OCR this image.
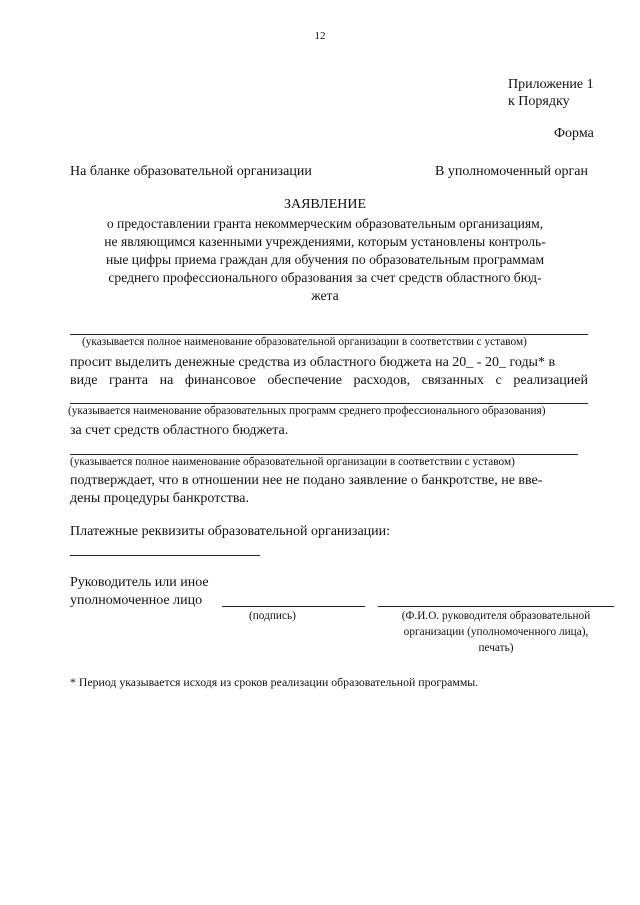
12
Приложение 1
к Порядку
Форма
На бланке образовательной организации	В уполномоченный орган
ЗАЯВЛЕНИЕ
о предоставлении гранта некоммерческим образовательным организациям,
не являющимся казенными учреждениями, которым установлены контроль-
ные цифры приема граждан для обучения по образовательным программам
среднего профессионального образования за счет средств областного бюд-
жета
(указывается полное наименование образовательной организации в соответствии с уставом)
просит выделить денежные средства из областного бюджета на 20_ - 20_ годы* в
виде гранта на финансовое обеспечение расходов, связанных с реализацией
(указывается наименование образовательных программ среднего профессионального образования)
за счет средств областного бюджета.
(указывается полное наименование образовательной организации в соответствии с уставом)
подтверждает, что в отношении нее не подано заявление о банкротстве, не вве-
дены процедуры банкротства.
Платежные реквизиты образовательной организации:
Руководитель или иное
уполномоченное лицо
(подпись)	(Ф.И.О. руководителя образовательной
организации (уполномоченного лица),
печать)
* Период указывается исходя из сроков реализации образовательной программы.
